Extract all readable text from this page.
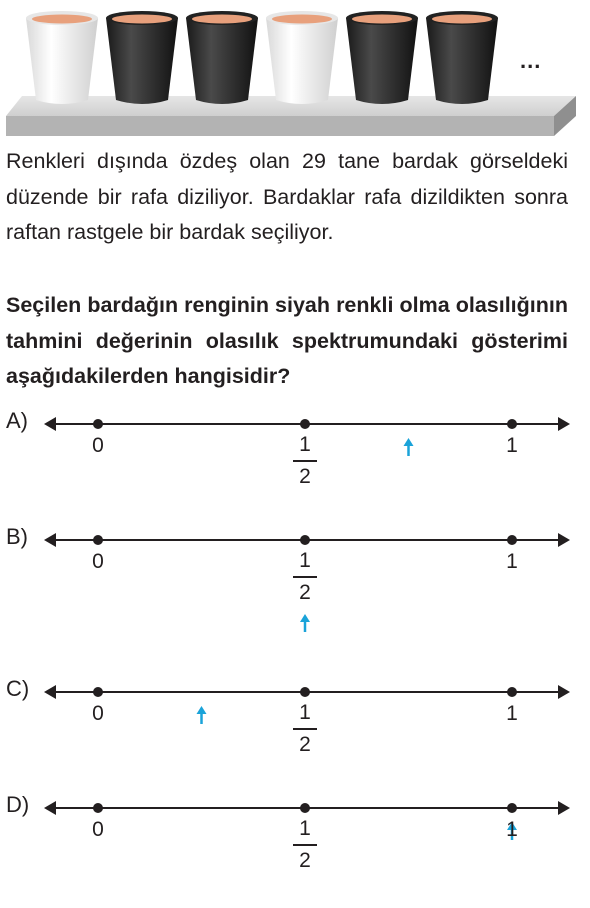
...
Renkleri dışında özdeş olan 29 tane bardak görseldeki düzende bir rafa diziliyor. Bardaklar rafa dizildikten sonra raftan rastgele bir bardak seçiliyor.
Seçilen bardağın renginin siyah renkli olma olasılığının tahmini değerinin olasılık spektrumundaki gösterimi aşağıdakilerden hangisidir?
A)
0	1
1
2
B)
0	1
1
2
C)
0	1
1
2
D)
0	1
1
2
